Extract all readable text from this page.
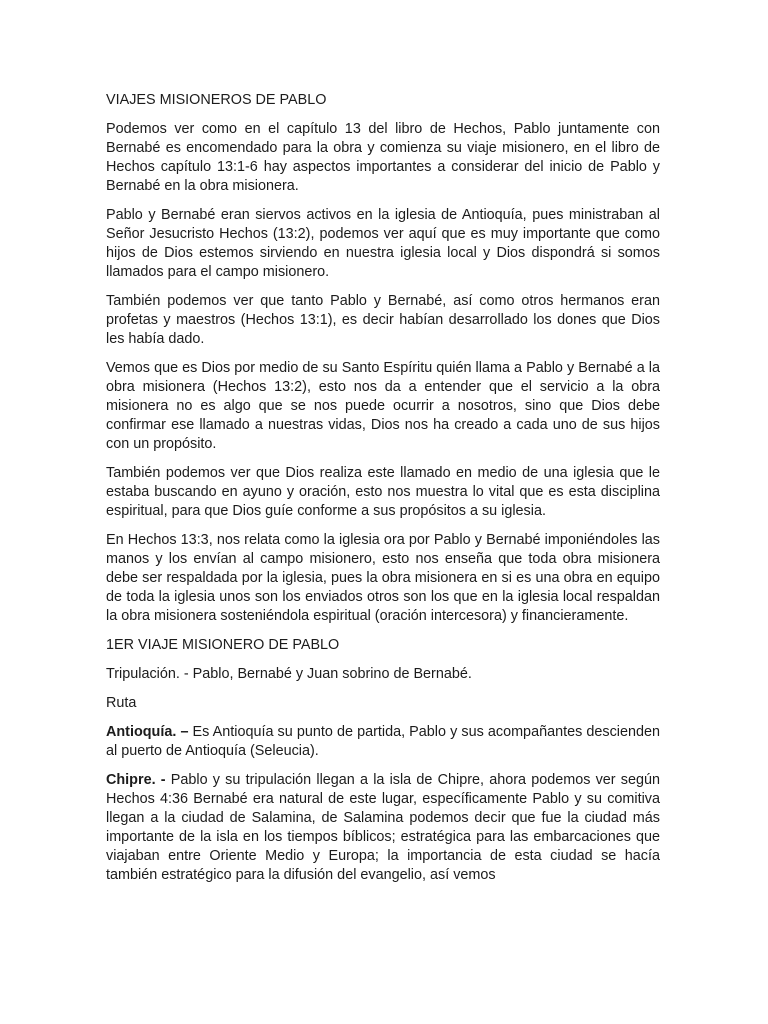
VIAJES MISIONEROS DE PABLO

Podemos ver como en el capítulo 13 del libro de Hechos, Pablo juntamente con Bernabé es encomendado para la obra y comienza su viaje misionero, en el libro de Hechos capítulo 13:1-6 hay aspectos importantes a considerar del inicio de Pablo y Bernabé en la obra misionera.

Pablo y Bernabé eran siervos activos en la iglesia de Antioquía, pues ministraban al Señor Jesucristo Hechos (13:2), podemos ver aquí que es muy importante que como hijos de Dios estemos sirviendo en nuestra iglesia local y Dios dispondrá si somos llamados para el campo misionero.

También podemos ver que tanto Pablo y Bernabé, así como otros hermanos eran profetas y maestros (Hechos 13:1), es decir habían desarrollado los dones que Dios les había dado.

Vemos que es Dios por medio de su Santo Espíritu quién llama a Pablo y Bernabé a la obra misionera (Hechos 13:2), esto nos da a entender que el servicio a la obra misionera no es algo que se nos puede ocurrir a nosotros, sino que Dios debe confirmar ese llamado a nuestras vidas, Dios nos ha creado a cada uno de sus hijos con un propósito.

También podemos ver que Dios realiza este llamado en medio de una iglesia que le estaba buscando en ayuno y oración, esto nos muestra lo vital que es esta disciplina espiritual, para que Dios guíe conforme a sus propósitos a su iglesia.

En Hechos 13:3, nos relata como la iglesia ora por Pablo y Bernabé imponiéndoles las manos y los envían al campo misionero, esto nos enseña que toda obra misionera debe ser respaldada por la iglesia, pues la obra misionera en si es una obra en equipo de toda la iglesia unos son los enviados otros son los que en la iglesia local respaldan la obra misionera sosteniéndola espiritual (oración intercesora) y financieramente.

1ER VIAJE MISIONERO DE PABLO

Tripulación. - Pablo, Bernabé y Juan sobrino de Bernabé.

Ruta

Antioquía. – Es Antioquía su punto de partida, Pablo y sus acompañantes descienden al puerto de Antioquía (Seleucia).

Chipre. - Pablo y su tripulación llegan a la isla de Chipre, ahora podemos ver según Hechos 4:36 Bernabé era natural de este lugar, específicamente Pablo y su comitiva llegan a la ciudad de Salamina, de Salamina podemos decir que fue la ciudad más importante de la isla en los tiempos bíblicos; estratégica para las embarcaciones que viajaban entre Oriente Medio y Europa; la importancia de esta ciudad se hacía también estratégico para la difusión del evangelio, así vemos
